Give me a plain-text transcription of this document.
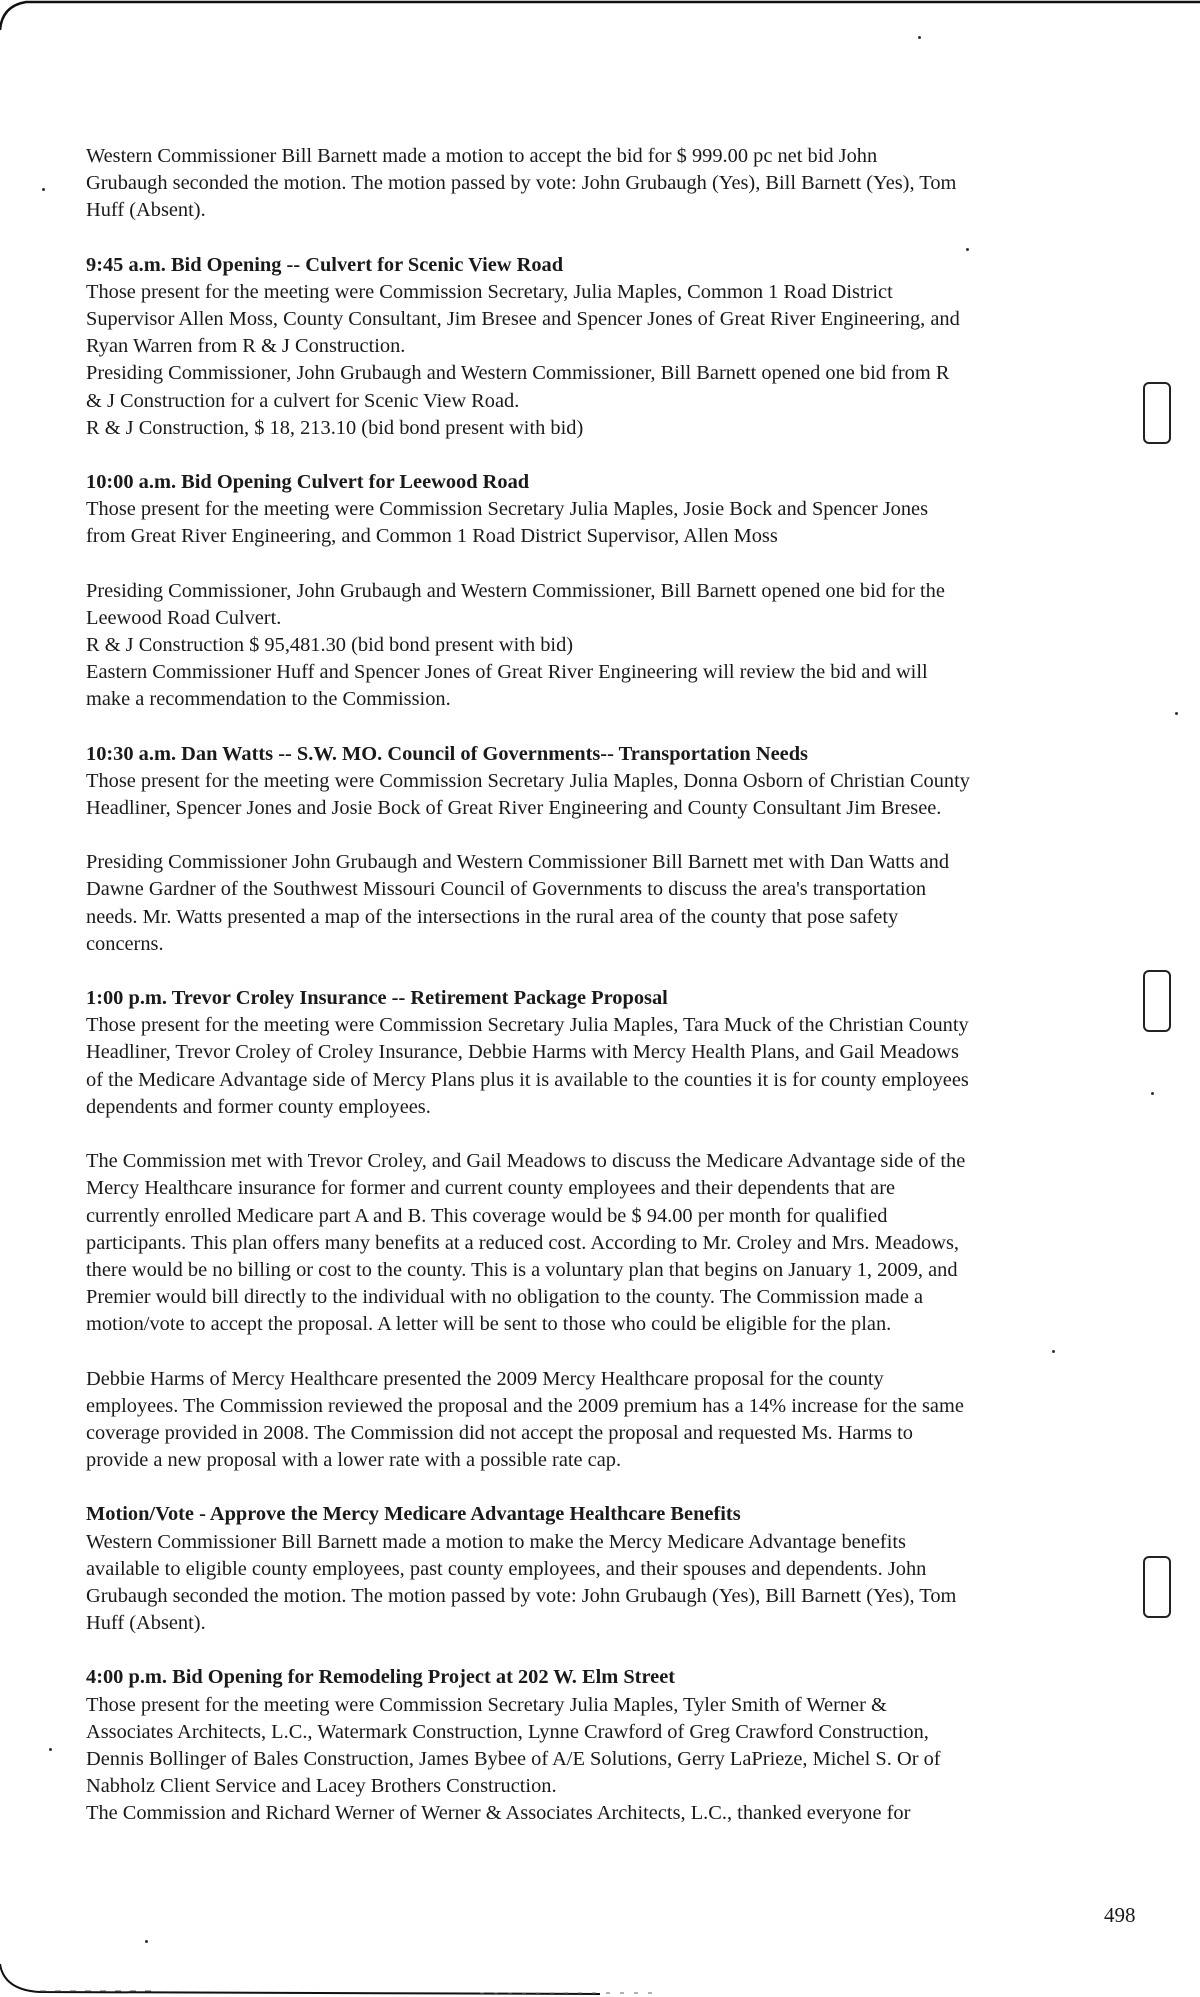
Western Commissioner Bill Barnett made a motion to accept the bid for $ 999.00 pc net bid John
Grubaugh seconded the motion. The motion passed by vote: John Grubaugh (Yes), Bill Barnett (Yes), Tom
Huff (Absent).
9:45 a.m. Bid Opening -- Culvert for Scenic View Road
Those present for the meeting were Commission Secretary, Julia Maples, Common 1 Road District
Supervisor Allen Moss, County Consultant, Jim Bresee and Spencer Jones of Great River Engineering, and
Ryan Warren from R & J Construction.
Presiding Commissioner, John Grubaugh and Western Commissioner, Bill Barnett opened one bid from R
& J Construction for a culvert for Scenic View Road.
R & J Construction, $ 18, 213.10 (bid bond present with bid)
10:00 a.m. Bid Opening Culvert for Leewood Road
Those present for the meeting were Commission Secretary Julia Maples, Josie Bock and Spencer Jones
from Great River Engineering, and Common 1 Road District Supervisor, Allen Moss
Presiding Commissioner, John Grubaugh and Western Commissioner, Bill Barnett opened one bid for the
Leewood Road Culvert.
R & J Construction $ 95,481.30 (bid bond present with bid)
Eastern Commissioner Huff and Spencer Jones of Great River Engineering will review the bid and will
make a recommendation to the Commission.
10:30 a.m. Dan Watts -- S.W. MO. Council of Governments-- Transportation Needs
Those present for the meeting were Commission Secretary Julia Maples, Donna Osborn of Christian County
Headliner, Spencer Jones and Josie Bock of Great River Engineering and County Consultant Jim Bresee.
Presiding Commissioner John Grubaugh and Western Commissioner Bill Barnett met with Dan Watts and
Dawne Gardner of the Southwest Missouri Council of Governments to discuss the area's transportation
needs. Mr. Watts presented a map of the intersections in the rural area of the county that pose safety
concerns.
1:00 p.m. Trevor Croley Insurance -- Retirement Package Proposal
Those present for the meeting were Commission Secretary Julia Maples, Tara Muck of the Christian County
Headliner, Trevor Croley of Croley Insurance, Debbie Harms with Mercy Health Plans, and Gail Meadows
of the Medicare Advantage side of Mercy Plans plus it is available to the counties it is for county employees
dependents and former county employees.
The Commission met with Trevor Croley, and Gail Meadows to discuss the Medicare Advantage side of the
Mercy Healthcare insurance for former and current county employees and their dependents that are
currently enrolled Medicare part A and B. This coverage would be $ 94.00 per month for qualified
participants. This plan offers many benefits at a reduced cost. According to Mr. Croley and Mrs. Meadows,
there would be no billing or cost to the county. This is a voluntary plan that begins on January 1, 2009, and
Premier would bill directly to the individual with no obligation to the county. The Commission made a
motion/vote to accept the proposal. A letter will be sent to those who could be eligible for the plan.
Debbie Harms of Mercy Healthcare presented the 2009 Mercy Healthcare proposal for the county
employees. The Commission reviewed the proposal and the 2009 premium has a 14% increase for the same
coverage provided in 2008. The Commission did not accept the proposal and requested Ms. Harms to
provide a new proposal with a lower rate with a possible rate cap.
Motion/Vote - Approve the Mercy Medicare Advantage Healthcare Benefits
Western Commissioner Bill Barnett made a motion to make the Mercy Medicare Advantage benefits
available to eligible county employees, past county employees, and their spouses and dependents. John
Grubaugh seconded the motion. The motion passed by vote: John Grubaugh (Yes), Bill Barnett (Yes), Tom
Huff (Absent).
4:00 p.m. Bid Opening for Remodeling Project at 202 W. Elm Street
Those present for the meeting were Commission Secretary Julia Maples, Tyler Smith of Werner &
Associates Architects, L.C., Watermark Construction, Lynne Crawford of Greg Crawford Construction,
Dennis Bollinger of Bales Construction, James Bybee of A/E Solutions, Gerry LaPrieze, Michel S. Or of
Nabholz Client Service and Lacey Brothers Construction.
The Commission and Richard Werner of Werner & Associates Architects, L.C., thanked everyone for
498
